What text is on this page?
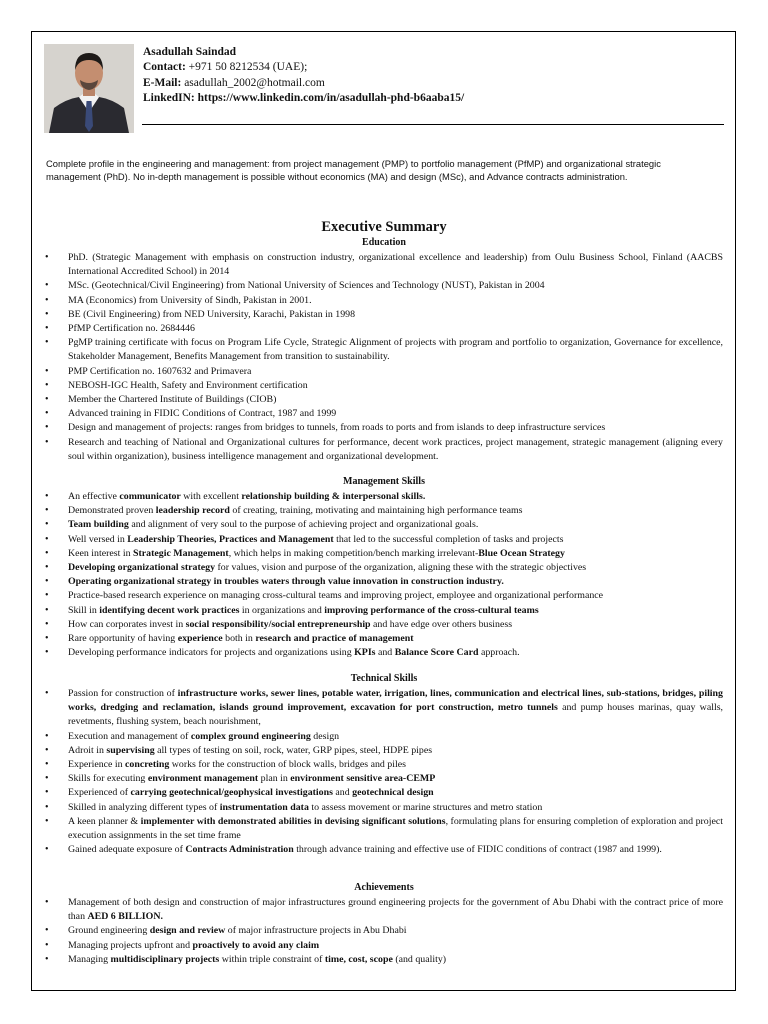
Asadullah Saindad
Contact: +971 50 8212534 (UAE);
E-Mail: asadullah_2002@hotmail.com
LinkedIN: https://www.linkedin.com/in/asadullah-phd-b6aaba15/
Complete profile in the engineering and management: from project management (PMP) to portfolio management (PfMP) and organizational strategic management (PhD). No in-depth management is possible without economics (MA) and design (MSc), and Advance contracts administration.
Executive Summary
Education
• PhD. (Strategic Management with emphasis on construction industry, organizational excellence and leadership) from Oulu Business School, Finland (AACBS International Accredited School) in 2014
• MSc. (Geotechnical/Civil Engineering) from National University of Sciences and Technology (NUST), Pakistan in 2004
• MA (Economics) from University of Sindh, Pakistan in 2001.
• BE (Civil Engineering) from NED University, Karachi, Pakistan in 1998
• PfMP Certification no. 2684446
• PgMP training certificate with focus on Program Life Cycle, Strategic Alignment of projects with program and portfolio to organization, Governance for excellence, Stakeholder Management, Benefits Management from transition to sustainability.
• PMP Certification no. 1607632 and Primavera
• NEBOSH-IGC Health, Safety and Environment certification
• Member the Chartered Institute of Buildings (CIOB)
• Advanced training in FIDIC Conditions of Contract, 1987 and 1999
• Design and management of projects: ranges from bridges to tunnels, from roads to ports and from islands to deep infrastructure services
• Research and teaching of National and Organizational cultures for performance, decent work practices, project management, strategic management (aligning every soul within organization), business intelligence management and organizational development.
Management Skills
• An effective communicator with excellent relationship building & interpersonal skills.
• Demonstrated proven leadership record of creating, training, motivating and maintaining high performance teams
• Team building and alignment of very soul to the purpose of achieving project and organizational goals.
• Well versed in Leadership Theories, Practices and Management that led to the successful completion of tasks and projects
• Keen interest in Strategic Management, which helps in making competition/bench marking irrelevant-Blue Ocean Strategy
• Developing organizational strategy for values, vision and purpose of the organization, aligning these with the strategic objectives
• Operating organizational strategy in troubles waters through value innovation in construction industry.
• Practice-based research experience on managing cross-cultural teams and improving project, employee and organizational performance
• Skill in identifying decent work practices in organizations and improving performance of the cross-cultural teams
• How can corporates invest in social responsibility/social entrepreneurship and have edge over others business
• Rare opportunity of having experience both in research and practice of management
• Developing performance indicators for projects and organizations using KPIs and Balance Score Card approach.
Technical Skills
• Passion for construction of infrastructure works, sewer lines, potable water, irrigation, lines, communication and electrical lines, sub-stations, bridges, piling works, dredging and reclamation, islands ground improvement, excavation for port construction, metro tunnels and pump houses marinas, quay walls, revetments, flushing system, beach nourishment,
• Execution and management of complex ground engineering design
• Adroit in supervising all types of testing on soil, rock, water, GRP pipes, steel, HDPE pipes
• Experience in concreting works for the construction of block walls, bridges and piles
• Skills for executing environment management plan in environment sensitive area-CEMP
• Experienced of carrying geotechnical/geophysical investigations and geotechnical design
• Skilled in analyzing different types of instrumentation data to assess movement or marine structures and metro station
• A keen planner & implementer with demonstrated abilities in devising significant solutions, formulating plans for ensuring completion of exploration and project execution assignments in the set time frame
• Gained adequate exposure of Contracts Administration through advance training and effective use of FIDIC conditions of contract (1987 and 1999).
Achievements
• Management of both design and construction of major infrastructures ground engineering projects for the government of Abu Dhabi with the contract price of more than AED 6 BILLION.
• Ground engineering design and review of major infrastructure projects in Abu Dhabi
• Managing projects upfront and proactively to avoid any claim
• Managing multidisciplinary projects within triple constraint of time, cost, scope (and quality)
